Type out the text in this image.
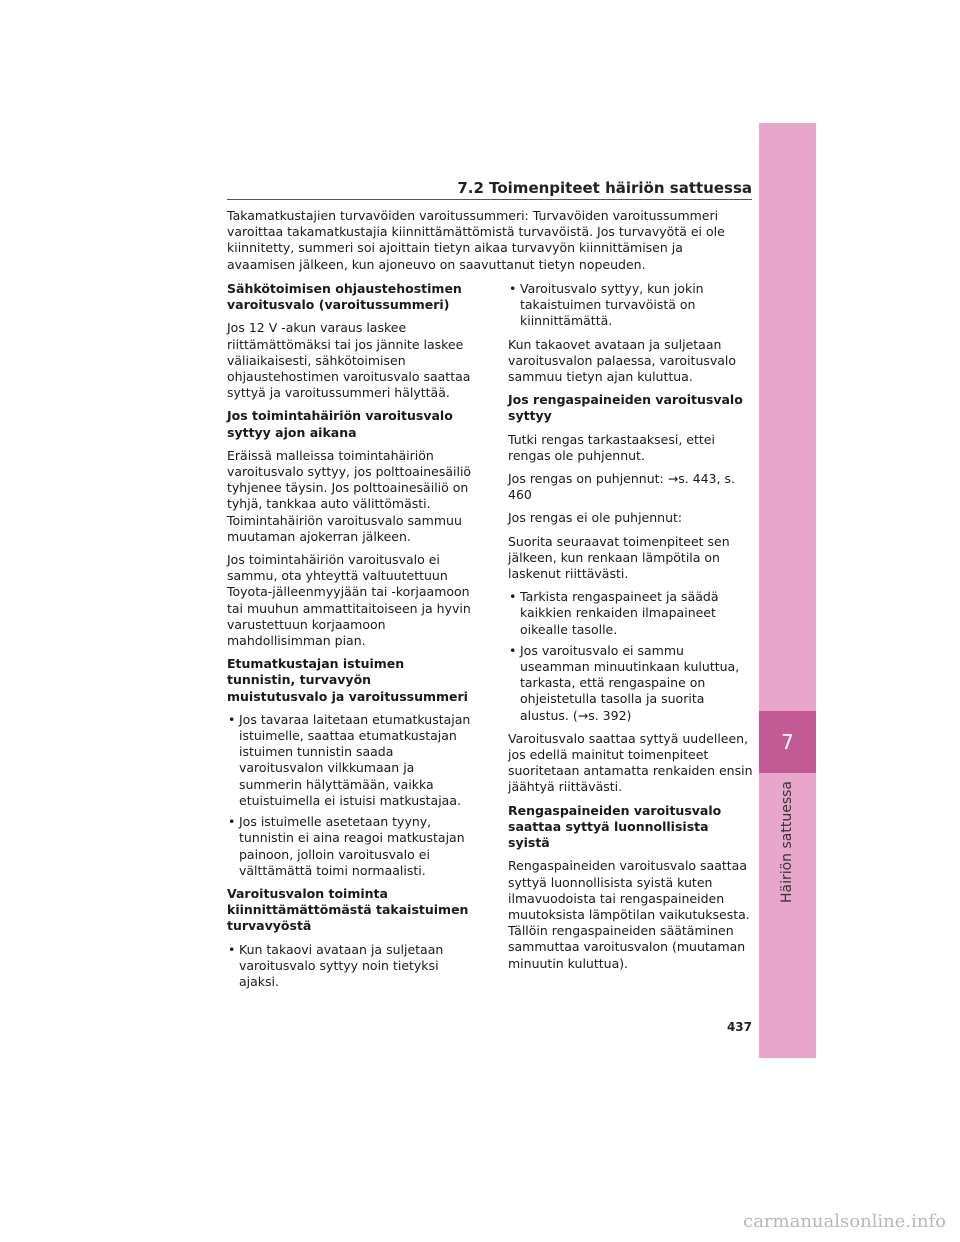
7.2 Toimenpiteet häiriön sattuessa
Takamatkustajien turvavöiden varoitussummeri: Turvavöiden varoitussummeri varoittaa takamatkustajia kiinnittämättömistä turvavöistä. Jos turvavyötä ei ole kiinnitetty, summeri soi ajoittain tietyn aikaa turvavyön kiinnittämisen ja avaamisen jälkeen, kun ajoneuvo on saavuttanut tietyn nopeuden.
Sähkötoimisen ohjaustehostimen varoitusvalo (varoitussummeri)

Jos 12 V -akun varaus laskee riittämättömäksi tai jos jännite laskee väliaikaisesti, sähkötoimisen ohjaustehostimen varoitusvalo saattaa syttyä ja varoitussummeri hälyttää.

Jos toimintahäiriön varoitusvalo syttyy ajon aikana

Eräissä malleissa toimintahäiriön varoitusvalo syttyy, jos polttoainesäiliö tyhjenee täysin. Jos polttoainesäiliö on tyhjä, tankkaa auto välittömästi. Toimintahäiriön varoitusvalo sammuu muutaman ajokerran jälkeen.

Jos toimintahäiriön varoitusvalo ei sammu, ota yhteyttä valtuutettuun Toyota-jälleenmyyjään tai -korjaamoon tai muuhun ammattitaitoiseen ja hyvin varustettuun korjaamoon mahdollisimman pian.

Etumatkustajan istuimen tunnistin, turvavyön muistutusvalo ja varoitussummeri
• Jos tavaraa laitetaan etumatkustajan istuimelle, saattaa etumatkustajan istuimen tunnistin saada varoitusvalon vilkkumaan ja summerin hälyttämään, vaikka etuistuimella ei istuisi matkustajaa.
• Jos istuimelle asetetaan tyyny, tunnistin ei aina reagoi matkustajan painoon, jolloin varoitusvalo ei välttämättä toimi normaalisti.
Varoitusvalon toiminta kiinnittämättömästä takaistuimen turvavyöstä
• Kun takaovi avataan ja suljetaan varoitusvalo syttyy noin tietyksi ajaksi.
• Varoitusvalo syttyy, kun jokin takaistuimen turvavöistä on kiinnittämättä.

Kun takaovet avataan ja suljetaan varoitusvalon palaessa, varoitusvalo sammuu tietyn ajan kuluttua.

Jos rengaspaineiden varoitusvalo syttyy

Tutki rengas tarkastaaksesi, ettei rengas ole puhjennut.

Jos rengas on puhjennut: →s. 443, s. 460

Jos rengas ei ole puhjennut:

Suorita seuraavat toimenpiteet sen jälkeen, kun renkaan lämpötila on laskenut riittävästi.

• Tarkista rengaspaineet ja säädä kaikkien renkaiden ilmapaineet oikealle tasolle.
• Jos varoitusvalo ei sammu useamman minuutinkaan kuluttua, tarkasta, että rengaspaine on ohjeistetulla tasolla ja suorita alustus. (→s. 392)

Varoitusvalo saattaa syttyä uudelleen, jos edellä mainitut toimenpiteet suoritetaan antamatta renkaiden ensin jäähtyä riittävästi.

Rengaspaineiden varoitusvalo saattaa syttyä luonnollisista syistä

Rengaspaineiden varoitusvalo saattaa syttyä luonnollisista syistä kuten ilmavuodoista tai rengaspaineiden muutoksista lämpötilan vaikutuksesta. Tällöin rengaspaineiden säätäminen sammuttaa varoitusvalon (muutaman minuutin kuluttua).

7
Häiriön sattuessa
437
carmanualsonline.info
